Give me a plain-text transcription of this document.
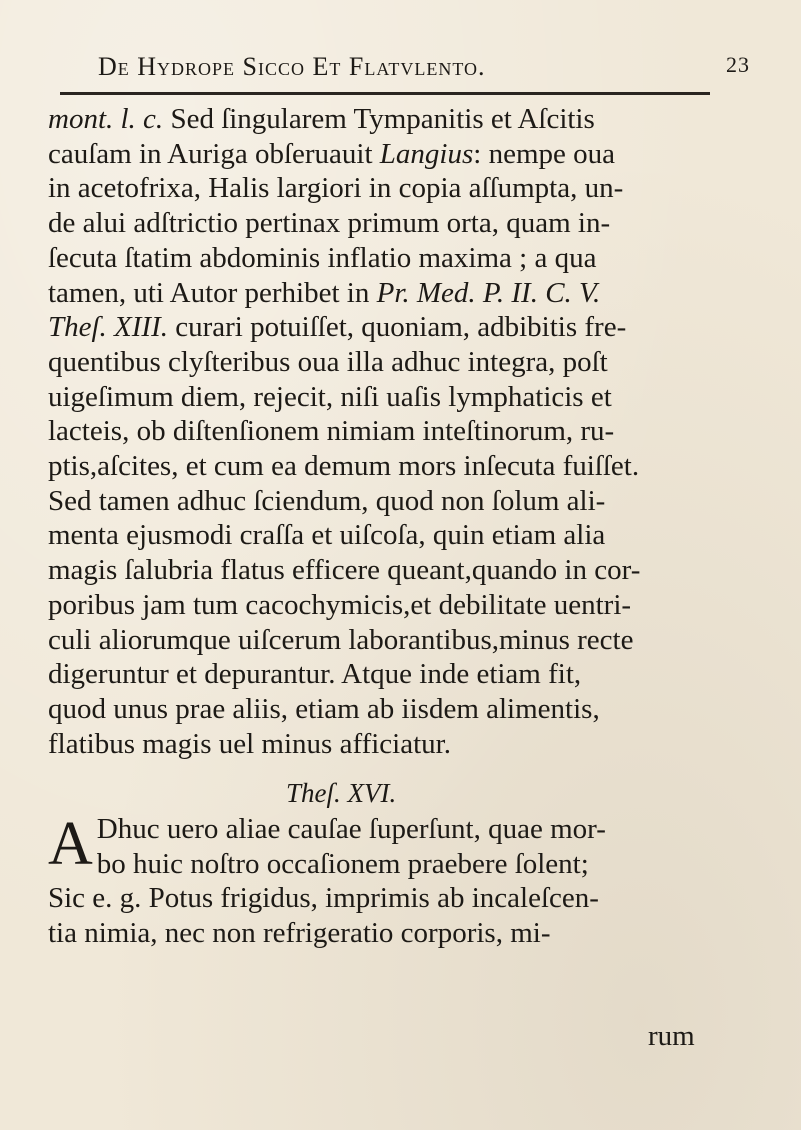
De Hydrope Sicco Et Flatvlento.	23
mont. l. c. Sed ſingularem Tympanitis et Aſcitis
cauſam in Auriga obſeruauit Langius: nempe oua
in acetofrixa, Halis largiori in copia aſſumpta, un-
de alui adſtrictio pertinax primum orta, quam in-
ſecuta ſtatim abdominis inflatio maxima ; a qua
tamen, uti Autor perhibet in Pr. Med. P. II. C. V.
Theſ. XIII. curari potuiſſet, quoniam, adbibitis fre-
quentibus clyſteribus oua illa adhuc integra, poſt
uigeſimum diem, rejecit, niſi uaſis lymphaticis et
lacteis, ob diſtenſionem nimiam inteſtinorum, ru-
ptis,aſcites, et cum ea demum mors inſecuta fuiſſet.
Sed tamen adhuc ſciendum, quod non ſolum ali-
menta ejusmodi craſſa et uiſcoſa, quin etiam alia
magis ſalubria flatus efficere queant,quando in cor-
poribus jam tum cacochymicis,et debilitate uentri-
culi aliorumque uiſcerum laborantibus,minus recte
digeruntur et depurantur. Atque inde etiam fit,
quod unus prae aliis, etiam ab iisdem alimentis,
flatibus magis uel minus afficiatur.
Theſ. XVI.
A Dhuc uero aliae cauſae ſuperſunt, quae mor-
bo huic noſtro occaſionem praebere ſolent;
Sic e. g. Potus frigidus, imprimis ab incaleſcen-
tia nimia, nec non refrigeratio corporis, mi-
rum
